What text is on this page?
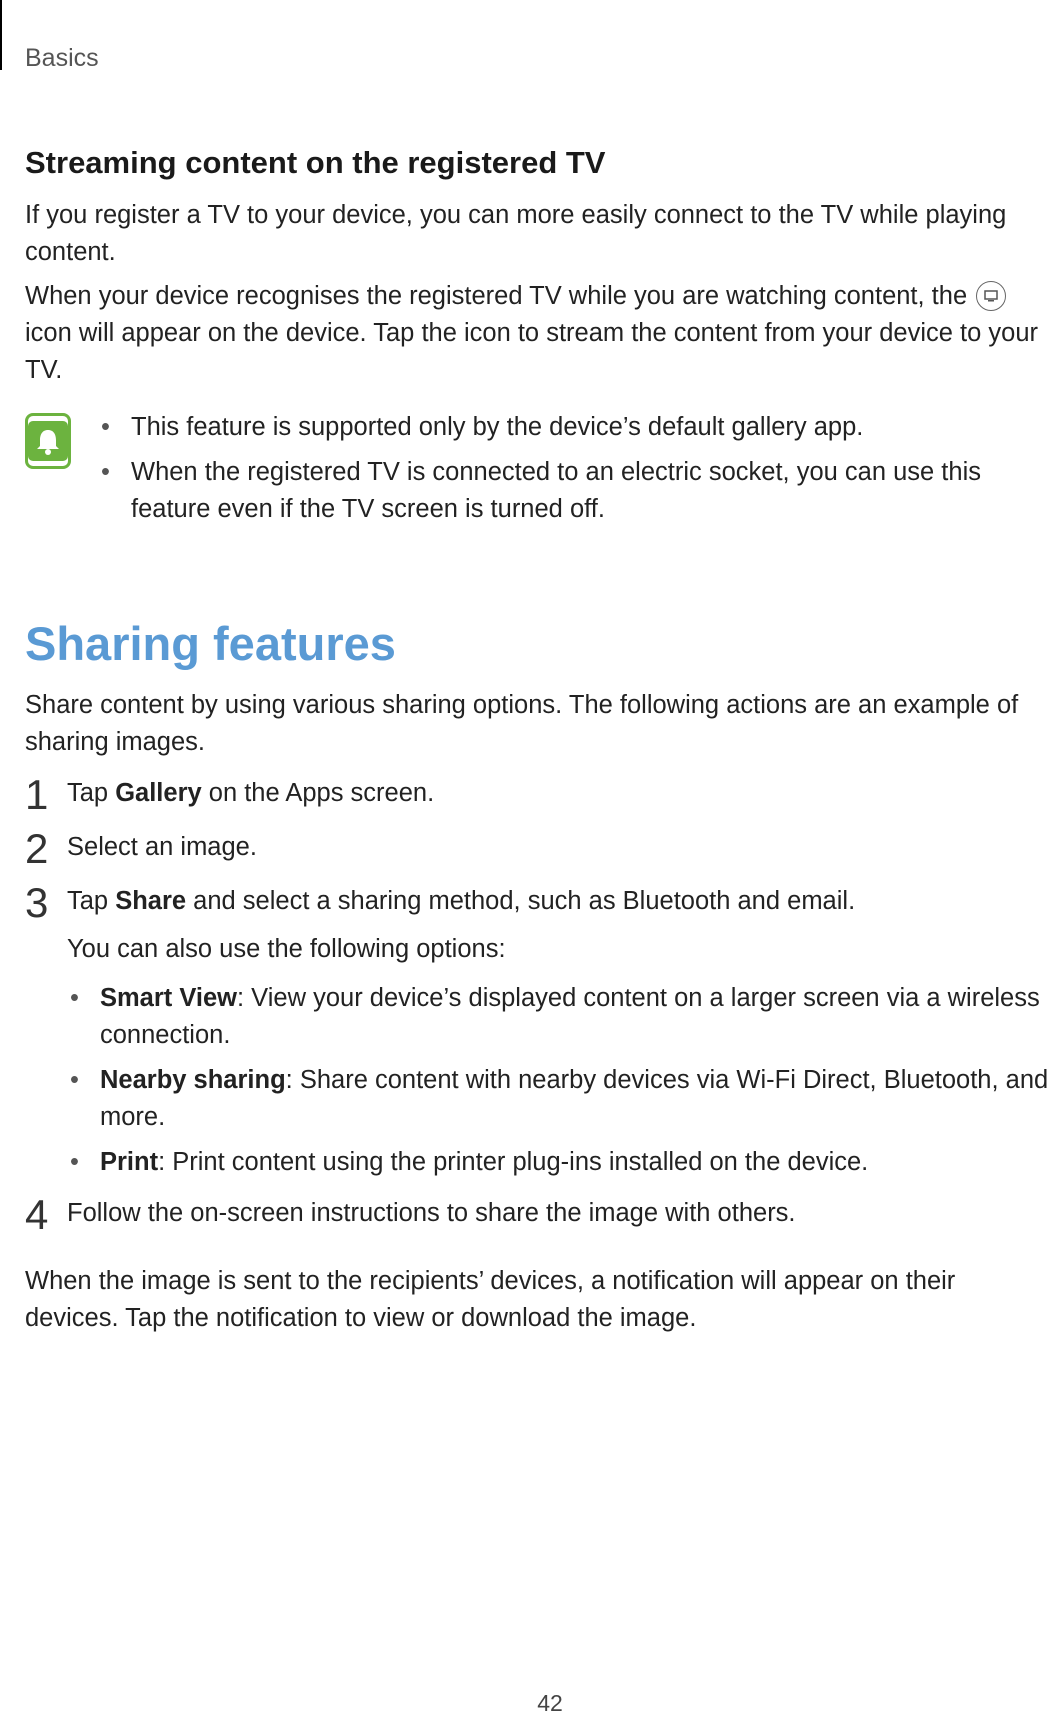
Basics
Streaming content on the registered TV

If you register a TV to your device, you can more easily connect to the TV while playing content.

When your device recognises the registered TV while you are watching content, the  icon will appear on the device. Tap the icon to stream the content from your device to your TV.

• This feature is supported only by the device’s default gallery app.
• When the registered TV is connected to an electric socket, you can use this feature even if the TV screen is turned off.
Sharing features

Share content by using various sharing options. The following actions are an example of sharing images.

1 Tap Gallery on the Apps screen.
2 Select an image.
3 Tap Share and select a sharing method, such as Bluetooth and email.

You can also use the following options:

• Smart View: View your device’s displayed content on a larger screen via a wireless connection.
• Nearby sharing: Share content with nearby devices via Wi-Fi Direct, Bluetooth, and more.
• Print: Print content using the printer plug-ins installed on the device.
4 Follow the on-screen instructions to share the image with others.

When the image is sent to the recipients’ devices, a notification will appear on their devices. Tap the notification to view or download the image.

42
